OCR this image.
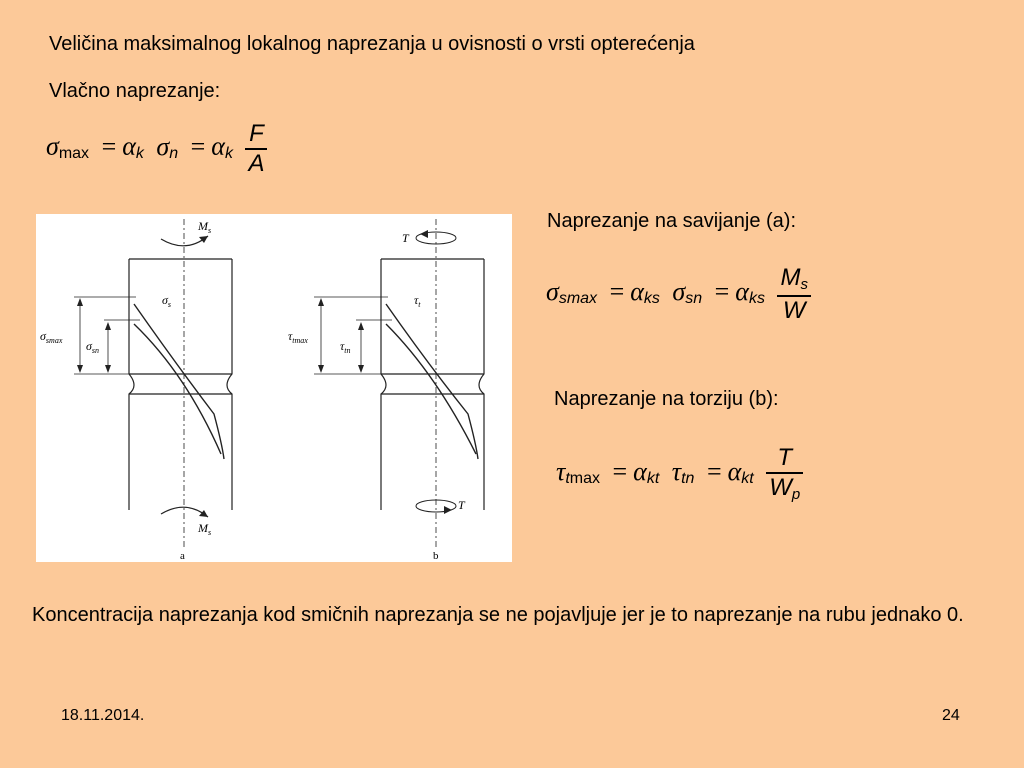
Veličina maksimalnog lokalnog naprezanja u ovisnosti o vrsti opterećenja
Vlačno naprezanje:
σmax = αk σn = αk $\frac{F}{A}$
$M_s$
$M_s$
$\sigma_s$
$\sigma_{smax}$ $\sigma_{sn}$
a
T
T
$\tau_t$
$\tau_{tmax}$	$\tau_{tn}$
b
Naprezanje na savijanje (a):
σsmax = αks σsn = αks $\frac{Ms}{W}$
Naprezanje na torziju (b):
τtmax = αkt τtn = αkt $\frac{T}{Wp}$
Koncentracija naprezanja kod smičnih naprezanja se ne pojavljuje jer je to naprezanje na rubu jednako 0.
18.11.2014.	24
